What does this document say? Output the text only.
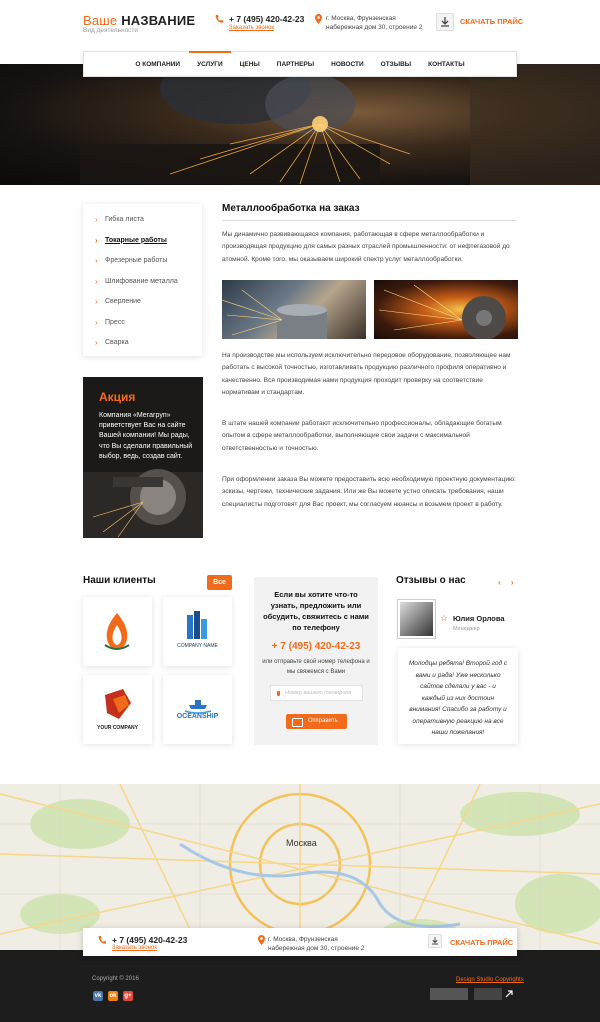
Ваше НАЗВАНИЕ
Вид деятельности
+ 7 (495) 420-42-23
Заказать звонок
г. Москва, Фрунзенская
набережная дом 30, строение 2
СКАЧАТЬ ПРАЙС
О КОМПАНИИ	УСЛУГИ	ЦЕНЫ	ПАРТНЕРЫ	НОВОСТИ	ОТЗЫВЫ	КОНТАКТЫ
› Гибка листа
› Токарные работы
› Фрезерные работы
› Шлифование металла
› Сверление
› Пресс
› Сварка
Акция
Компания «Мегагруп» приветствует Вас на сайте Вашей компании! Мы рады, что Вы сделали правильный выбор, ведь, создав сайт.
Металлообработка на заказ
Мы динамично развивающаяся компания, работающая в сфере металлообработки и производящая продукцию для самых разных отраслей промышленности: от нефтегазовой до атомной. Кроме того, мы оказываем широкий спектр услуг металлообработки.
На производстве мы используем исключительно передовое оборудование, позволяющее нам работать с высокой точностью, изготавливать продукцию различного профиля оперативно и качественно. Вся производимая нами продукция проходит проверку на соответствие нормативам и стандартам.
В штате нашей компании работают исключительно профессионалы, обладающие богатым опытом в сфере металлообработки, выполняющие свои задачи с максимальной ответственностью и точностью.
При оформлении заказа Вы можете предоставить всю необходимую проектную документацию: эскизы, чертежи, технические задания. Или же Вы можете устно описать требования, наши специалисты подготовят для Вас проект, мы согласуем нюансы и возьмем проект в работу.
Наши клиенты	Все
COMPANY NAME
YOUR COMPANY
OCEANSHIP
Если вы хотите что-то узнать, предложить или обсудить, свяжитесь с нами по телефону
+ 7 (495) 420-42-23
или отправьте свой номер телефона и мы свяжемся с Вами
Номер вашего телефона
Отправить
Отзывы о нас	‹ ›
☆ Юлия Орлова
Менеджер
Молодцы ребята! Второй год с вами и рада! Уже несколько сайтов сделали у вас - и каждый из них достоин внимания! Спасибо за работу и оперативную реакцию на все наши пожелания!
Москва
+ 7 (495) 420-42-23
Заказать звонок
г. Москва, Фрунзенская
набережная дом 30, строение 2
СКАЧАТЬ ПРАЙС
Copyright © 2016
vk ok g+
Design Studio Copyrights
